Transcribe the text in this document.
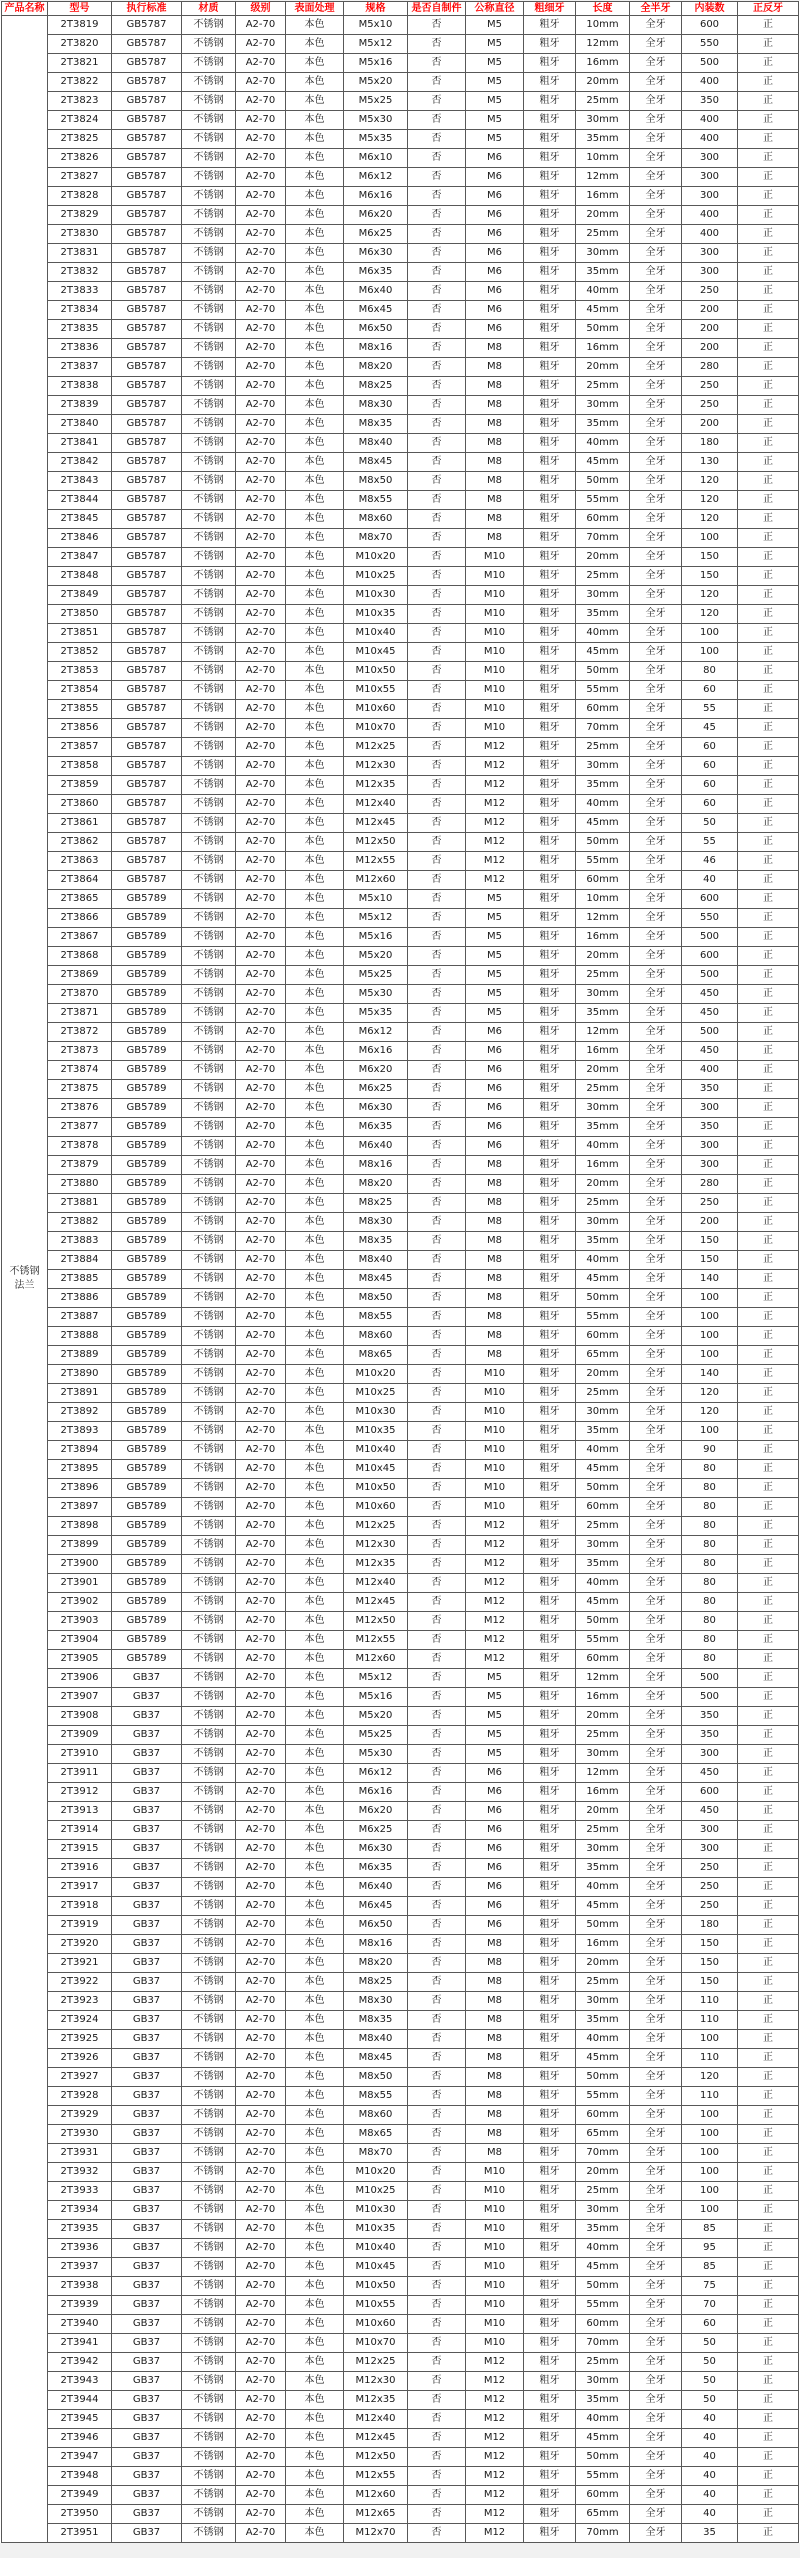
产品名称	型号	执行标准	材质	级别	表面处理	规格	是否自制件	公称直径	粗细牙	长度	全半牙	内装数	正反牙
不锈钢法兰	2T3819	GB5787	不锈钢	A2-70	本色	M5x10	否	M5	粗牙	10mm	全牙	600	正
	2T3820	GB5787	不锈钢	A2-70	本色	M5x12	否	M5	粗牙	12mm	全牙	550	正
	2T3821	GB5787	不锈钢	A2-70	本色	M5x16	否	M5	粗牙	16mm	全牙	500	正
	2T3822	GB5787	不锈钢	A2-70	本色	M5x20	否	M5	粗牙	20mm	全牙	400	正
	2T3823	GB5787	不锈钢	A2-70	本色	M5x25	否	M5	粗牙	25mm	全牙	350	正
	2T3824	GB5787	不锈钢	A2-70	本色	M5x30	否	M5	粗牙	30mm	全牙	400	正
	2T3825	GB5787	不锈钢	A2-70	本色	M5x35	否	M5	粗牙	35mm	全牙	400	正
	2T3826	GB5787	不锈钢	A2-70	本色	M6x10	否	M6	粗牙	10mm	全牙	300	正
	2T3827	GB5787	不锈钢	A2-70	本色	M6x12	否	M6	粗牙	12mm	全牙	300	正
	2T3828	GB5787	不锈钢	A2-70	本色	M6x16	否	M6	粗牙	16mm	全牙	300	正
	2T3829	GB5787	不锈钢	A2-70	本色	M6x20	否	M6	粗牙	20mm	全牙	400	正
	2T3830	GB5787	不锈钢	A2-70	本色	M6x25	否	M6	粗牙	25mm	全牙	400	正
	2T3831	GB5787	不锈钢	A2-70	本色	M6x30	否	M6	粗牙	30mm	全牙	300	正
	2T3832	GB5787	不锈钢	A2-70	本色	M6x35	否	M6	粗牙	35mm	全牙	300	正
	2T3833	GB5787	不锈钢	A2-70	本色	M6x40	否	M6	粗牙	40mm	全牙	250	正
	2T3834	GB5787	不锈钢	A2-70	本色	M6x45	否	M6	粗牙	45mm	全牙	200	正
	2T3835	GB5787	不锈钢	A2-70	本色	M6x50	否	M6	粗牙	50mm	全牙	200	正
	2T3836	GB5787	不锈钢	A2-70	本色	M8x16	否	M8	粗牙	16mm	全牙	200	正
	2T3837	GB5787	不锈钢	A2-70	本色	M8x20	否	M8	粗牙	20mm	全牙	280	正
	2T3838	GB5787	不锈钢	A2-70	本色	M8x25	否	M8	粗牙	25mm	全牙	250	正
	2T3839	GB5787	不锈钢	A2-70	本色	M8x30	否	M8	粗牙	30mm	全牙	250	正
	2T3840	GB5787	不锈钢	A2-70	本色	M8x35	否	M8	粗牙	35mm	全牙	200	正
	2T3841	GB5787	不锈钢	A2-70	本色	M8x40	否	M8	粗牙	40mm	全牙	180	正
	2T3842	GB5787	不锈钢	A2-70	本色	M8x45	否	M8	粗牙	45mm	全牙	130	正
	2T3843	GB5787	不锈钢	A2-70	本色	M8x50	否	M8	粗牙	50mm	全牙	120	正
	2T3844	GB5787	不锈钢	A2-70	本色	M8x55	否	M8	粗牙	55mm	全牙	120	正
	2T3845	GB5787	不锈钢	A2-70	本色	M8x60	否	M8	粗牙	60mm	全牙	120	正
	2T3846	GB5787	不锈钢	A2-70	本色	M8x70	否	M8	粗牙	70mm	全牙	100	正
	2T3847	GB5787	不锈钢	A2-70	本色	M10x20	否	M10	粗牙	20mm	全牙	150	正
	2T3848	GB5787	不锈钢	A2-70	本色	M10x25	否	M10	粗牙	25mm	全牙	150	正
	2T3849	GB5787	不锈钢	A2-70	本色	M10x30	否	M10	粗牙	30mm	全牙	120	正
	2T3850	GB5787	不锈钢	A2-70	本色	M10x35	否	M10	粗牙	35mm	全牙	120	正
	2T3851	GB5787	不锈钢	A2-70	本色	M10x40	否	M10	粗牙	40mm	全牙	100	正
	2T3852	GB5787	不锈钢	A2-70	本色	M10x45	否	M10	粗牙	45mm	全牙	100	正
	2T3853	GB5787	不锈钢	A2-70	本色	M10x50	否	M10	粗牙	50mm	全牙	80	正
	2T3854	GB5787	不锈钢	A2-70	本色	M10x55	否	M10	粗牙	55mm	全牙	60	正
	2T3855	GB5787	不锈钢	A2-70	本色	M10x60	否	M10	粗牙	60mm	全牙	55	正
	2T3856	GB5787	不锈钢	A2-70	本色	M10x70	否	M10	粗牙	70mm	全牙	45	正
	2T3857	GB5787	不锈钢	A2-70	本色	M12x25	否	M12	粗牙	25mm	全牙	60	正
	2T3858	GB5787	不锈钢	A2-70	本色	M12x30	否	M12	粗牙	30mm	全牙	60	正
	2T3859	GB5787	不锈钢	A2-70	本色	M12x35	否	M12	粗牙	35mm	全牙	60	正
	2T3860	GB5787	不锈钢	A2-70	本色	M12x40	否	M12	粗牙	40mm	全牙	60	正
	2T3861	GB5787	不锈钢	A2-70	本色	M12x45	否	M12	粗牙	45mm	全牙	50	正
	2T3862	GB5787	不锈钢	A2-70	本色	M12x50	否	M12	粗牙	50mm	全牙	55	正
	2T3863	GB5787	不锈钢	A2-70	本色	M12x55	否	M12	粗牙	55mm	全牙	46	正
	2T3864	GB5787	不锈钢	A2-70	本色	M12x60	否	M12	粗牙	60mm	全牙	40	正
	2T3865	GB5789	不锈钢	A2-70	本色	M5x10	否	M5	粗牙	10mm	全牙	600	正
	2T3866	GB5789	不锈钢	A2-70	本色	M5x12	否	M5	粗牙	12mm	全牙	550	正
	2T3867	GB5789	不锈钢	A2-70	本色	M5x16	否	M5	粗牙	16mm	全牙	500	正
	2T3868	GB5789	不锈钢	A2-70	本色	M5x20	否	M5	粗牙	20mm	全牙	600	正
	2T3869	GB5789	不锈钢	A2-70	本色	M5x25	否	M5	粗牙	25mm	全牙	500	正
	2T3870	GB5789	不锈钢	A2-70	本色	M5x30	否	M5	粗牙	30mm	全牙	450	正
	2T3871	GB5789	不锈钢	A2-70	本色	M5x35	否	M5	粗牙	35mm	全牙	450	正
	2T3872	GB5789	不锈钢	A2-70	本色	M6x12	否	M6	粗牙	12mm	全牙	500	正
	2T3873	GB5789	不锈钢	A2-70	本色	M6x16	否	M6	粗牙	16mm	全牙	450	正
	2T3874	GB5789	不锈钢	A2-70	本色	M6x20	否	M6	粗牙	20mm	全牙	400	正
	2T3875	GB5789	不锈钢	A2-70	本色	M6x25	否	M6	粗牙	25mm	全牙	350	正
	2T3876	GB5789	不锈钢	A2-70	本色	M6x30	否	M6	粗牙	30mm	全牙	300	正
	2T3877	GB5789	不锈钢	A2-70	本色	M6x35	否	M6	粗牙	35mm	全牙	350	正
	2T3878	GB5789	不锈钢	A2-70	本色	M6x40	否	M6	粗牙	40mm	全牙	300	正
	2T3879	GB5789	不锈钢	A2-70	本色	M8x16	否	M8	粗牙	16mm	全牙	300	正
	2T3880	GB5789	不锈钢	A2-70	本色	M8x20	否	M8	粗牙	20mm	全牙	280	正
	2T3881	GB5789	不锈钢	A2-70	本色	M8x25	否	M8	粗牙	25mm	全牙	250	正
	2T3882	GB5789	不锈钢	A2-70	本色	M8x30	否	M8	粗牙	30mm	全牙	200	正
	2T3883	GB5789	不锈钢	A2-70	本色	M8x35	否	M8	粗牙	35mm	全牙	150	正
	2T3884	GB5789	不锈钢	A2-70	本色	M8x40	否	M8	粗牙	40mm	全牙	150	正
	2T3885	GB5789	不锈钢	A2-70	本色	M8x45	否	M8	粗牙	45mm	全牙	140	正
	2T3886	GB5789	不锈钢	A2-70	本色	M8x50	否	M8	粗牙	50mm	全牙	100	正
	2T3887	GB5789	不锈钢	A2-70	本色	M8x55	否	M8	粗牙	55mm	全牙	100	正
	2T3888	GB5789	不锈钢	A2-70	本色	M8x60	否	M8	粗牙	60mm	全牙	100	正
	2T3889	GB5789	不锈钢	A2-70	本色	M8x65	否	M8	粗牙	65mm	全牙	100	正
	2T3890	GB5789	不锈钢	A2-70	本色	M10x20	否	M10	粗牙	20mm	全牙	140	正
	2T3891	GB5789	不锈钢	A2-70	本色	M10x25	否	M10	粗牙	25mm	全牙	120	正
	2T3892	GB5789	不锈钢	A2-70	本色	M10x30	否	M10	粗牙	30mm	全牙	120	正
	2T3893	GB5789	不锈钢	A2-70	本色	M10x35	否	M10	粗牙	35mm	全牙	100	正
	2T3894	GB5789	不锈钢	A2-70	本色	M10x40	否	M10	粗牙	40mm	全牙	90	正
	2T3895	GB5789	不锈钢	A2-70	本色	M10x45	否	M10	粗牙	45mm	全牙	80	正
	2T3896	GB5789	不锈钢	A2-70	本色	M10x50	否	M10	粗牙	50mm	全牙	80	正
	2T3897	GB5789	不锈钢	A2-70	本色	M10x60	否	M10	粗牙	60mm	全牙	80	正
	2T3898	GB5789	不锈钢	A2-70	本色	M12x25	否	M12	粗牙	25mm	全牙	80	正
	2T3899	GB5789	不锈钢	A2-70	本色	M12x30	否	M12	粗牙	30mm	全牙	80	正
	2T3900	GB5789	不锈钢	A2-70	本色	M12x35	否	M12	粗牙	35mm	全牙	80	正
	2T3901	GB5789	不锈钢	A2-70	本色	M12x40	否	M12	粗牙	40mm	全牙	80	正
	2T3902	GB5789	不锈钢	A2-70	本色	M12x45	否	M12	粗牙	45mm	全牙	80	正
	2T3903	GB5789	不锈钢	A2-70	本色	M12x50	否	M12	粗牙	50mm	全牙	80	正
	2T3904	GB5789	不锈钢	A2-70	本色	M12x55	否	M12	粗牙	55mm	全牙	80	正
	2T3905	GB5789	不锈钢	A2-70	本色	M12x60	否	M12	粗牙	60mm	全牙	80	正
	2T3906	GB37	不锈钢	A2-70	本色	M5x12	否	M5	粗牙	12mm	全牙	500	正
	2T3907	GB37	不锈钢	A2-70	本色	M5x16	否	M5	粗牙	16mm	全牙	500	正
	2T3908	GB37	不锈钢	A2-70	本色	M5x20	否	M5	粗牙	20mm	全牙	350	正
	2T3909	GB37	不锈钢	A2-70	本色	M5x25	否	M5	粗牙	25mm	全牙	350	正
	2T3910	GB37	不锈钢	A2-70	本色	M5x30	否	M5	粗牙	30mm	全牙	300	正
	2T3911	GB37	不锈钢	A2-70	本色	M6x12	否	M6	粗牙	12mm	全牙	450	正
	2T3912	GB37	不锈钢	A2-70	本色	M6x16	否	M6	粗牙	16mm	全牙	600	正
	2T3913	GB37	不锈钢	A2-70	本色	M6x20	否	M6	粗牙	20mm	全牙	450	正
	2T3914	GB37	不锈钢	A2-70	本色	M6x25	否	M6	粗牙	25mm	全牙	300	正
	2T3915	GB37	不锈钢	A2-70	本色	M6x30	否	M6	粗牙	30mm	全牙	300	正
	2T3916	GB37	不锈钢	A2-70	本色	M6x35	否	M6	粗牙	35mm	全牙	250	正
	2T3917	GB37	不锈钢	A2-70	本色	M6x40	否	M6	粗牙	40mm	全牙	250	正
	2T3918	GB37	不锈钢	A2-70	本色	M6x45	否	M6	粗牙	45mm	全牙	250	正
	2T3919	GB37	不锈钢	A2-70	本色	M6x50	否	M6	粗牙	50mm	全牙	180	正
	2T3920	GB37	不锈钢	A2-70	本色	M8x16	否	M8	粗牙	16mm	全牙	150	正
	2T3921	GB37	不锈钢	A2-70	本色	M8x20	否	M8	粗牙	20mm	全牙	150	正
	2T3922	GB37	不锈钢	A2-70	本色	M8x25	否	M8	粗牙	25mm	全牙	150	正
	2T3923	GB37	不锈钢	A2-70	本色	M8x30	否	M8	粗牙	30mm	全牙	110	正
	2T3924	GB37	不锈钢	A2-70	本色	M8x35	否	M8	粗牙	35mm	全牙	110	正
	2T3925	GB37	不锈钢	A2-70	本色	M8x40	否	M8	粗牙	40mm	全牙	100	正
	2T3926	GB37	不锈钢	A2-70	本色	M8x45	否	M8	粗牙	45mm	全牙	110	正
	2T3927	GB37	不锈钢	A2-70	本色	M8x50	否	M8	粗牙	50mm	全牙	120	正
	2T3928	GB37	不锈钢	A2-70	本色	M8x55	否	M8	粗牙	55mm	全牙	110	正
	2T3929	GB37	不锈钢	A2-70	本色	M8x60	否	M8	粗牙	60mm	全牙	100	正
	2T3930	GB37	不锈钢	A2-70	本色	M8x65	否	M8	粗牙	65mm	全牙	100	正
	2T3931	GB37	不锈钢	A2-70	本色	M8x70	否	M8	粗牙	70mm	全牙	100	正
	2T3932	GB37	不锈钢	A2-70	本色	M10x20	否	M10	粗牙	20mm	全牙	100	正
	2T3933	GB37	不锈钢	A2-70	本色	M10x25	否	M10	粗牙	25mm	全牙	100	正
	2T3934	GB37	不锈钢	A2-70	本色	M10x30	否	M10	粗牙	30mm	全牙	100	正
	2T3935	GB37	不锈钢	A2-70	本色	M10x35	否	M10	粗牙	35mm	全牙	85	正
	2T3936	GB37	不锈钢	A2-70	本色	M10x40	否	M10	粗牙	40mm	全牙	95	正
	2T3937	GB37	不锈钢	A2-70	本色	M10x45	否	M10	粗牙	45mm	全牙	85	正
	2T3938	GB37	不锈钢	A2-70	本色	M10x50	否	M10	粗牙	50mm	全牙	75	正
	2T3939	GB37	不锈钢	A2-70	本色	M10x55	否	M10	粗牙	55mm	全牙	70	正
	2T3940	GB37	不锈钢	A2-70	本色	M10x60	否	M10	粗牙	60mm	全牙	60	正
	2T3941	GB37	不锈钢	A2-70	本色	M10x70	否	M10	粗牙	70mm	全牙	50	正
	2T3942	GB37	不锈钢	A2-70	本色	M12x25	否	M12	粗牙	25mm	全牙	50	正
	2T3943	GB37	不锈钢	A2-70	本色	M12x30	否	M12	粗牙	30mm	全牙	50	正
	2T3944	GB37	不锈钢	A2-70	本色	M12x35	否	M12	粗牙	35mm	全牙	50	正
	2T3945	GB37	不锈钢	A2-70	本色	M12x40	否	M12	粗牙	40mm	全牙	40	正
	2T3946	GB37	不锈钢	A2-70	本色	M12x45	否	M12	粗牙	45mm	全牙	40	正
	2T3947	GB37	不锈钢	A2-70	本色	M12x50	否	M12	粗牙	50mm	全牙	40	正
	2T3948	GB37	不锈钢	A2-70	本色	M12x55	否	M12	粗牙	55mm	全牙	40	正
	2T3949	GB37	不锈钢	A2-70	本色	M12x60	否	M12	粗牙	60mm	全牙	40	正
	2T3950	GB37	不锈钢	A2-70	本色	M12x65	否	M12	粗牙	65mm	全牙	40	正
	2T3951	GB37	不锈钢	A2-70	本色	M12x70	否	M12	粗牙	70mm	全牙	35	正
